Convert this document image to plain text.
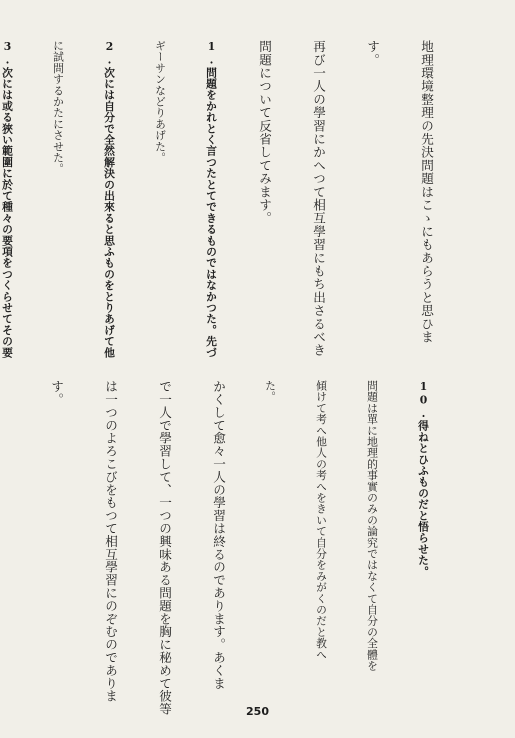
地理環境整理の先決問題はこゝにもあらうと思ひま

す。

再び一人の學習にかへつて相互學習にもち出さるべき

問題について反省してみます。

1.問題をかれとく言つたとてできるものではなかつた。先づ

ギーサンなどりあげた。

2.次には自分で全然解決の出來ると思ふものをとりあげて他

に試問するかたにさせた。

3.次には或る狹い範圍に於て種々の要項をつくらせてその要

10.得ねとひふものだと悟らせた。

問題は單に地理的事實のみの論究ではなくて自分の全體を

傾けて考へ他人の考へをきいて自分をみがくのだと教へ

た。

かくして愈々一人の學習は終るのであります。あくま

で一人で學習して、一つの興味ある問題を胸に秘めて彼等

は一つのよろこびをもつて相互學習にのぞむのでありま

す。

250
